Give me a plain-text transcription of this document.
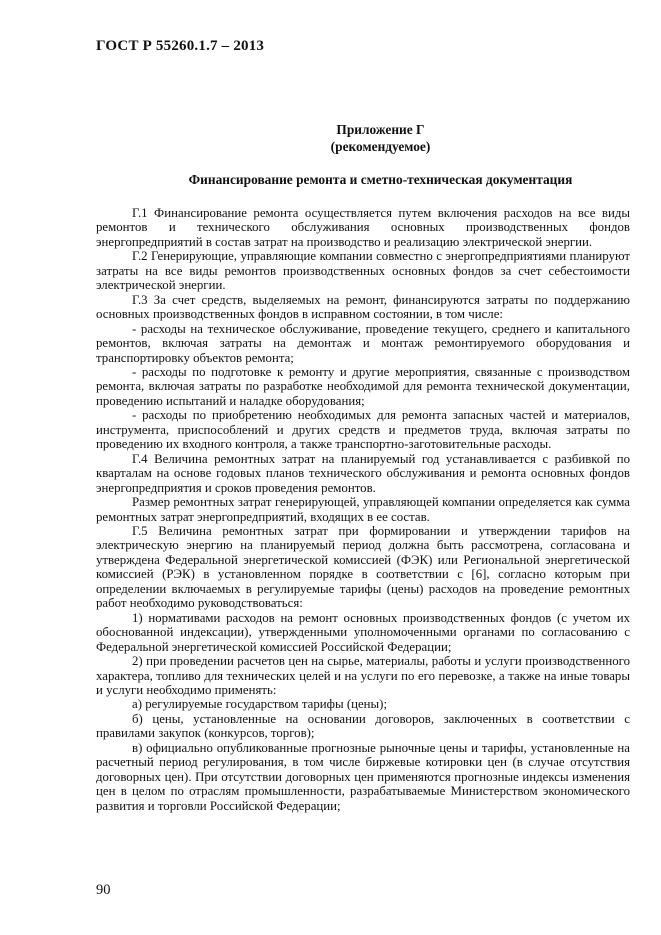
ГОСТ Р 55260.1.7 – 2013
Приложение Г
(рекомендуемое)
Финансирование ремонта и сметно-техническая документация

Г.1 Финансирование ремонта осуществляется путем включения расходов на все виды ремонтов и технического обслуживания основных производственных фондов энергопредприятий в состав затрат на производство и реализацию электрической энергии.

Г.2 Генерирующие, управляющие компании совместно с энергопредприятиями планируют затраты на все виды ремонтов производственных основных фондов за счет себестоимости электрической энергии.

Г.3 За счет средств, выделяемых на ремонт, финансируются затраты по поддержанию основных производственных фондов в исправном состоянии, в том числе:

- расходы на техническое обслуживание, проведение текущего, среднего и капитального ремонтов, включая затраты на демонтаж и монтаж ремонтируемого оборудования и транспортировку объектов ремонта;

- расходы по подготовке к ремонту и другие мероприятия, связанные с производством ремонта, включая затраты по разработке необходимой для ремонта технической документации, проведению испытаний и наладке оборудования;

- расходы по приобретению необходимых для ремонта запасных частей и материалов, инструмента, приспособлений и других средств и предметов труда, включая затраты по проведению их входного контроля, а также транспортно-заготовительные расходы.

Г.4 Величина ремонтных затрат на планируемый год устанавливается с разбивкой по кварталам на основе годовых планов технического обслуживания и ремонта основных фондов энергопредприятия и сроков проведения ремонтов.

Размер ремонтных затрат генерирующей, управляющей компании определяется как сумма ремонтных затрат энергопредприятий, входящих в ее состав.

Г.5 Величина ремонтных затрат при формировании и утверждении тарифов на электрическую энергию на планируемый период должна быть рассмотрена, согласована и утверждена Федеральной энергетической комиссией (ФЭК) или Региональной энергетической комиссией (РЭК) в установленном порядке в соответствии с [6], согласно которым при определении включаемых в регулируемые тарифы (цены) расходов на проведение ремонтных работ необходимо руководствоваться:

1) нормативами расходов на ремонт основных производственных фондов (с учетом их обоснованной индексации), утвержденными уполномоченными органами по согласованию с Федеральной энергетической комиссией Российской Федерации;

2) при проведении расчетов цен на сырье, материалы, работы и услуги производственного характера, топливо для технических целей и на услуги по его перевозке, а также на иные товары и услуги необходимо применять:

а) регулируемые государством тарифы (цены);

б) цены, установленные на основании договоров, заключенных в соответствии с правилами закупок (конкурсов, торгов);

в) официально опубликованные прогнозные рыночные цены и тарифы, установленные на расчетный период регулирования, в том числе биржевые котировки цен (в случае отсутствия договорных цен). При отсутствии договорных цен применяются прогнозные индексы изменения цен в целом по отраслям промышленности, разрабатываемые Министерством экономического развития и торговли Российской Федерации;

90
